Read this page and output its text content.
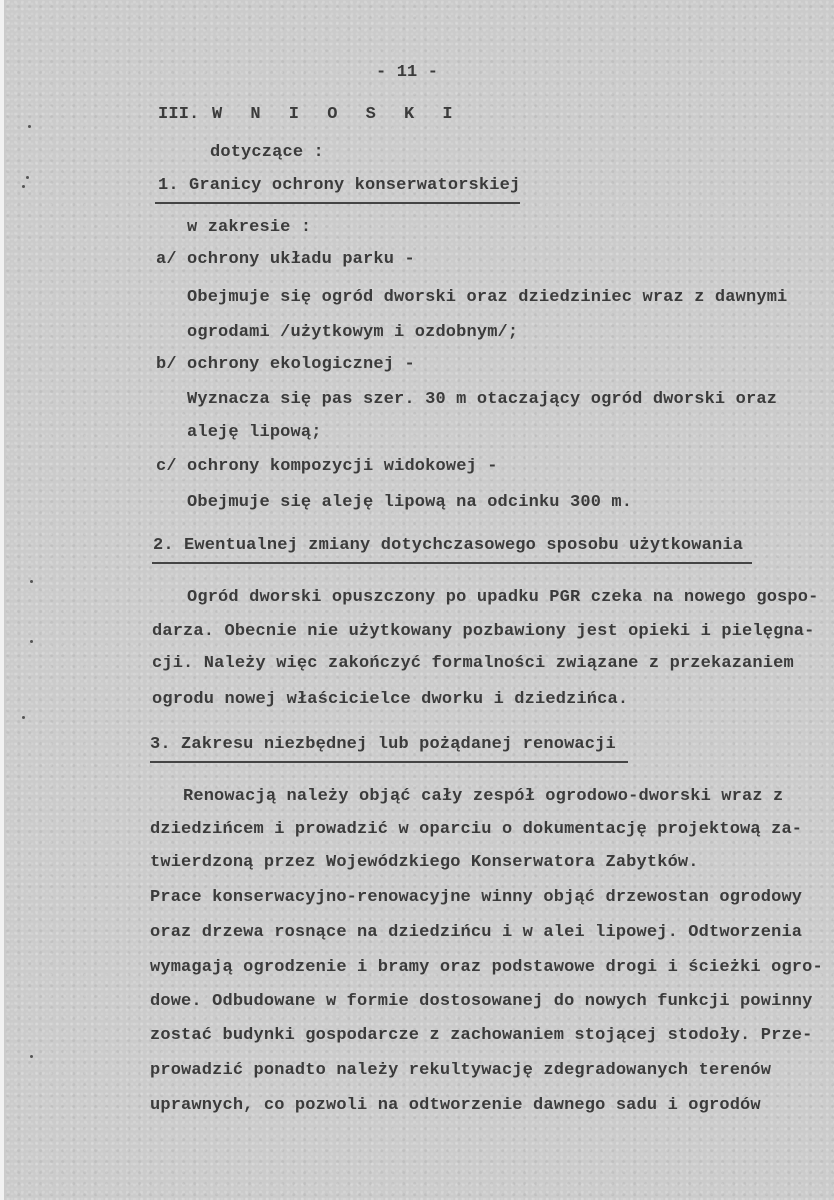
- 11 -
III. W N I O S K I
dotyczące :
1. Granicy ochrony konserwatorskiej
w zakresie :
a/ ochrony układu parku -
Obejmuje się ogród dworski oraz dziedziniec wraz z dawnymi
ogrodami /użytkowym i ozdobnym/;
b/ ochrony ekologicznej -
Wyznacza się pas szer. 30 m otaczający ogród dworski oraz
aleję lipową;
c/ ochrony kompozycji widokowej -
Obejmuje się aleję lipową na odcinku 300 m.
2. Ewentualnej zmiany dotychczasowego sposobu użytkowania
Ogród dworski opuszczony po upadku PGR czeka na nowego gospo-
darza. Obecnie nie użytkowany pozbawiony jest opieki i pielęgna-
cji. Należy więc zakończyć formalności związane z przekazaniem
ogrodu nowej właścicielce dworku i dziedzińca.
3. Zakresu niezbędnej lub pożądanej renowacji
Renowacją należy objąć cały zespół ogrodowo-dworski wraz z
dziedzińcem i prowadzić w oparciu o dokumentację projektową za-
twierdzoną przez Wojewódzkiego Konserwatora Zabytków.
Prace konserwacyjno-renowacyjne winny objąć drzewostan ogrodowy
oraz drzewa rosnące na dziedzińcu i w alei lipowej. Odtworzenia
wymagają ogrodzenie i bramy oraz podstawowe drogi i ścieżki ogro-
dowe. Odbudowane w formie dostosowanej do nowych funkcji powinny
zostać budynki gospodarcze z zachowaniem stojącej stodoły. Prze-
prowadzić ponadto należy rekultywację zdegradowanych terenów
uprawnych, co pozwoli na odtworzenie dawnego sadu i ogrodów
